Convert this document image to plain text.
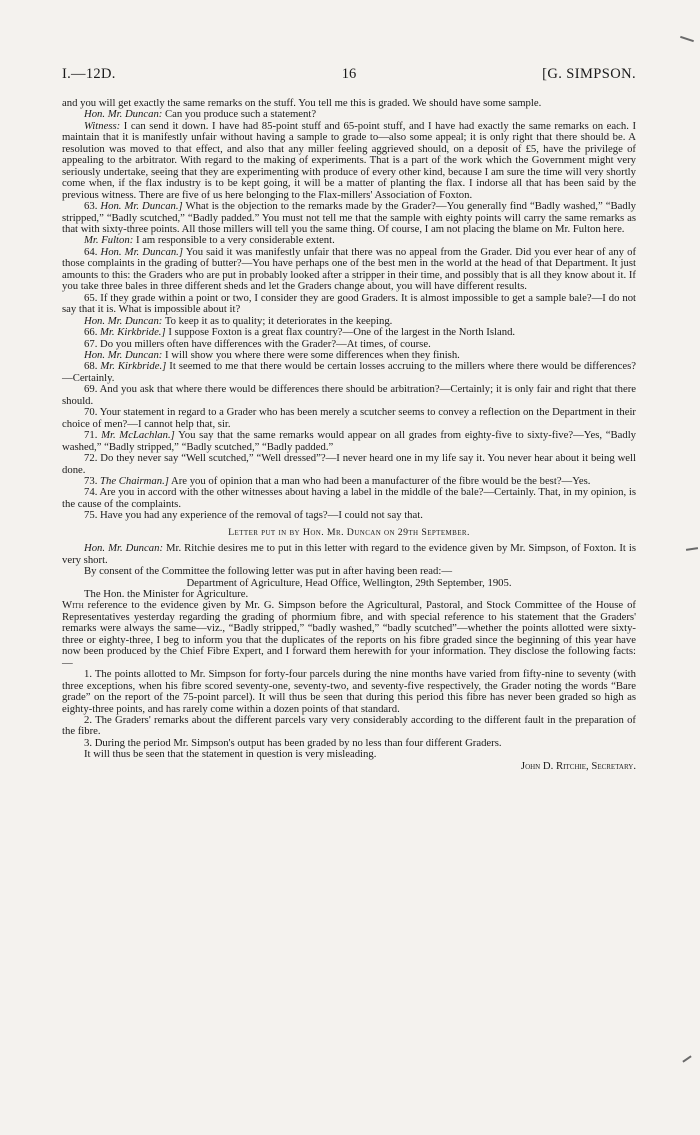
I.—12D.	16	[G. SIMPSON.

and you will get exactly the same remarks on the stuff. You tell me this is graded. We should have some sample.

Hon. Mr. Duncan: Can you produce such a statement?

Witness: I can send it down. I have had 85-point stuff and 65-point stuff, and I have had exactly the same remarks on each. I maintain that it is manifestly unfair without having a sample to grade to—also some appeal; it is only right that there should be. A resolution was moved to that effect, and also that any miller feeling aggrieved should, on a deposit of £5, have the privilege of appealing to the arbitrator. With regard to the making of experiments. That is a part of the work which the Government might very seriously undertake, seeing that they are experimenting with produce of every other kind, because I am sure the time will very shortly come when, if the flax industry is to be kept going, it will be a matter of planting the flax. I indorse all that has been said by the previous witness. There are five of us here belonging to the Flax-millers' Association of Foxton.

63. Hon. Mr. Duncan.] What is the objection to the remarks made by the Grader?—You generally find “Badly washed,” “Badly stripped,” “Badly scutched,” “Badly padded.” You must not tell me that the sample with eighty points will carry the same remarks as that with sixty-three points. All those millers will tell you the same thing. Of course, I am not placing the blame on Mr. Fulton here.

Mr. Fulton: I am responsible to a very considerable extent.

64. Hon. Mr. Duncan.] You said it was manifestly unfair that there was no appeal from the Grader. Did you ever hear of any of those complaints in the grading of butter?—You have perhaps one of the best men in the world at the head of that Department. It just amounts to this: the Graders who are put in probably looked after a stripper in their time, and possibly that is all they know about it. If you take three bales in three different sheds and let the Graders change about, you will have different results.

65. If they grade within a point or two, I consider they are good Graders. It is almost impossible to get a sample bale?—I do not say that it is. What is impossible about it?

Hon. Mr. Duncan: To keep it as to quality; it deteriorates in the keeping.

66. Mr. Kirkbride.] I suppose Foxton is a great flax country?—One of the largest in the North Island.

67. Do you millers often have differences with the Grader?—At times, of course.

Hon. Mr. Duncan: I will show you where there were some differences when they finish.

68. Mr. Kirkbride.] It seemed to me that there would be certain losses accruing to the millers where there would be differences?—Certainly.

69. And you ask that where there would be differences there should be arbitration?—Certainly; it is only fair and right that there should.

70. Your statement in regard to a Grader who has been merely a scutcher seems to convey a reflection on the Department in their choice of men?—I cannot help that, sir.

71. Mr. McLachlan.] You say that the same remarks would appear on all grades from eighty-five to sixty-five?—Yes, “Badly washed,” “Badly stripped,” “Badly scutched,” “Badly padded.”

72. Do they never say “Well scutched,” “Well dressed”?—I never heard one in my life say it. You never hear about it being well done.

73. The Chairman.] Are you of opinion that a man who had been a manufacturer of the fibre would be the best?—Yes.

74. Are you in accord with the other witnesses about having a label in the middle of the bale?—Certainly. That, in my opinion, is the cause of the complaints.

75. Have you had any experience of the removal of tags?—I could not say that.

Letter put in by Hon. Mr. Duncan on 29th September.

Hon. Mr. Duncan: Mr. Ritchie desires me to put in this letter with regard to the evidence given by Mr. Simpson, of Foxton. It is very short.

By consent of the Committee the following letter was put in after having been read:—

Department of Agriculture, Head Office, Wellington, 29th September, 1905.

The Hon. the Minister for Agriculture.

With reference to the evidence given by Mr. G. Simpson before the Agricultural, Pastoral, and Stock Committee of the House of Representatives yesterday regarding the grading of phormium fibre, and with special reference to his statement that the Graders' remarks were always the same—viz., “Badly stripped,” “badly washed,” “badly scutched”—whether the points allotted were sixty-three or eighty-three, I beg to inform you that the duplicates of the reports on his fibre graded since the beginning of this year have now been produced by the Chief Fibre Expert, and I forward them herewith for your information. They disclose the following facts:—

1. The points allotted to Mr. Simpson for forty-four parcels during the nine months have varied from fifty-nine to seventy (with three exceptions, when his fibre scored seventy-one, seventy-two, and seventy-five respectively, the Grader noting the words “Bare grade” on the report of the 75-point parcel). It will thus be seen that during this period this fibre has never been graded so high as eighty-three points, and has rarely come within a dozen points of that standard.

2. The Graders' remarks about the different parcels vary very considerably according to the different fault in the preparation of the fibre.

3. During the period Mr. Simpson's output has been graded by no less than four different Graders.

It will thus be seen that the statement in question is very misleading.

John D. Ritchie, Secretary.
